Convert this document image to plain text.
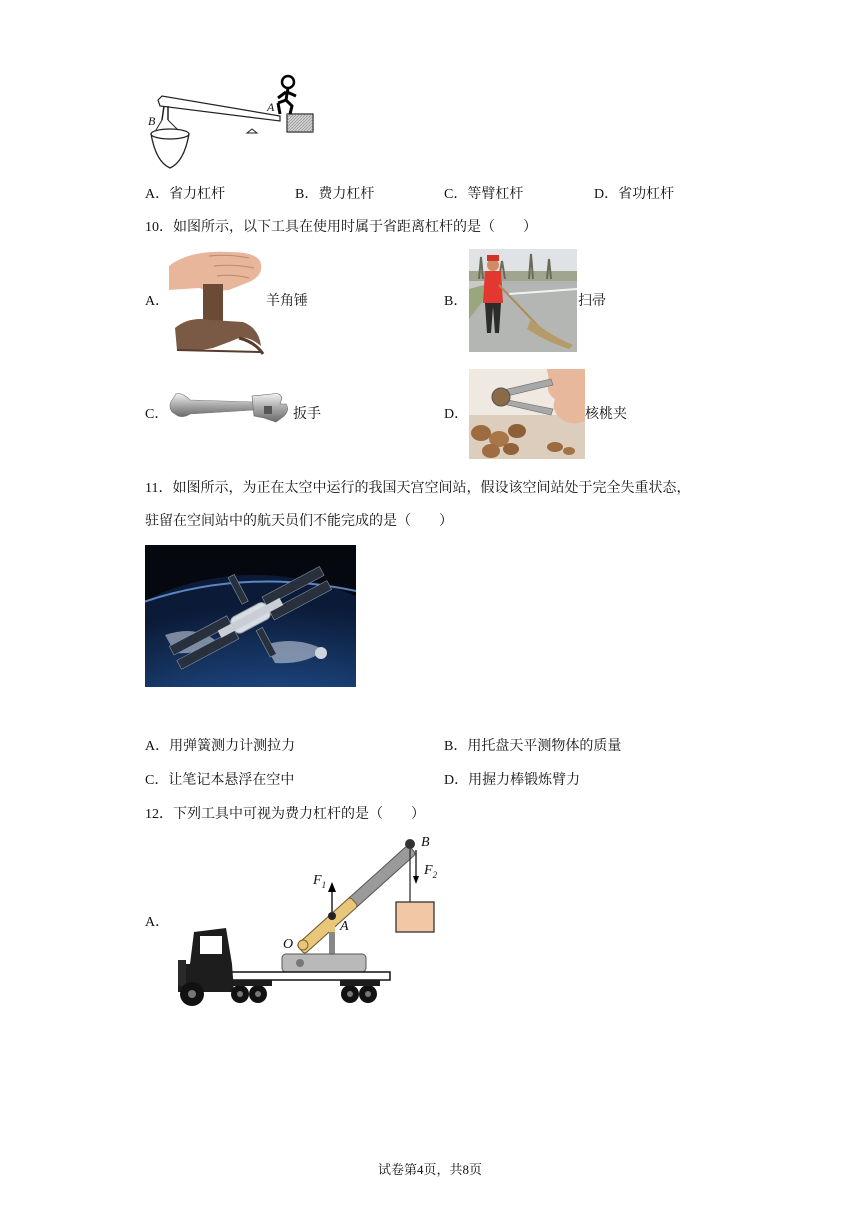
A
B
A．省力杠杆	B．费力杠杆	C．等臂杠杆	D．省功杠杆
10．如图所示，以下工具在使用时属于省距离杠杆的是（　　）
A．	羊角锤	B．	扫帚
C．	扳手	D．	核桃夹
11．如图所示，为正在太空中运行的我国天宫空间站，假设该空间站处于完全失重状态，
驻留在空间站中的航天员们不能完成的是（　　）
A．用弹簧测力计测拉力	B．用托盘天平测物体的质量
C．让笔记本悬浮在空中	D．用握力棒锻炼臂力
12．下列工具中可视为费力杠杆的是（　　）
A．
B
$F_1$
$F_2$
O
A
试卷第4页，共8页
